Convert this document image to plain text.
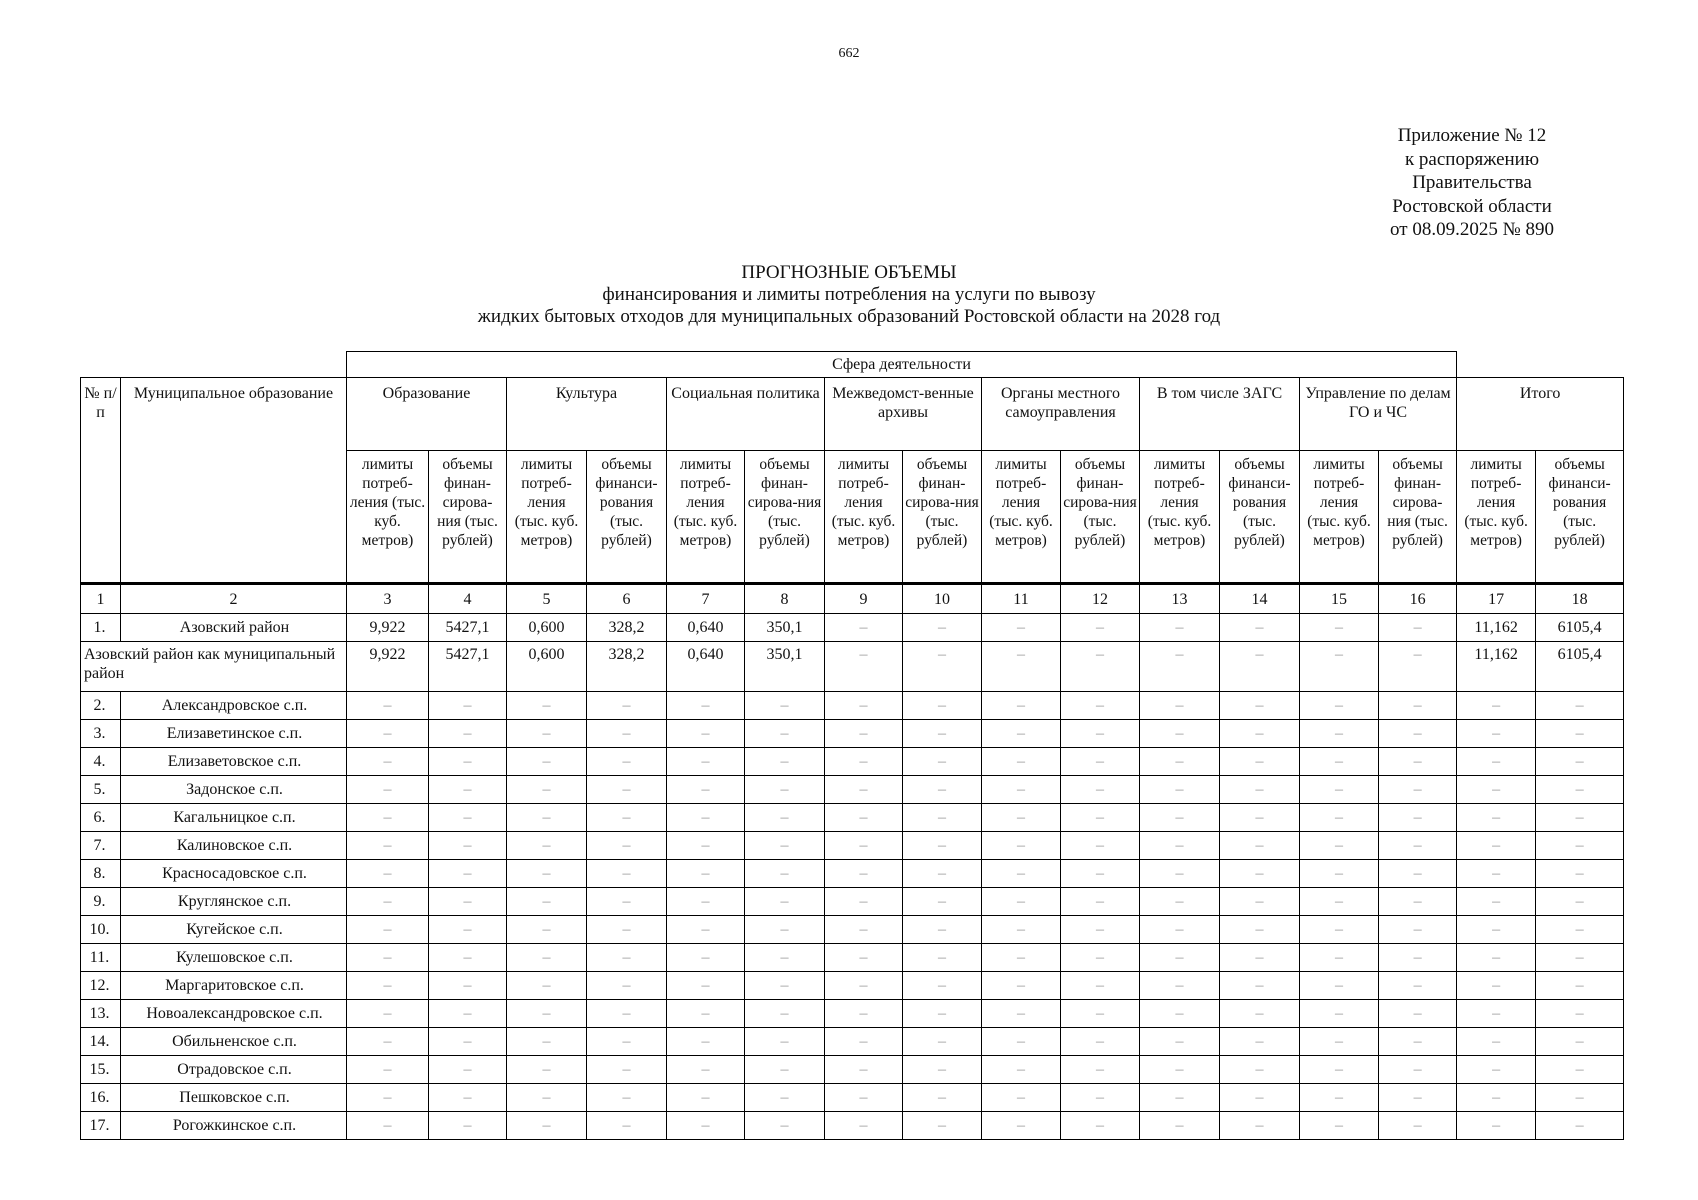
662
Приложение № 12
к распоряжению
Правительства
Ростовской области
от 08.09.2025 № 890
ПРОГНОЗНЫЕ ОБЪЕМЫ
финансирования и лимиты потребления на услуги по вывозу
жидких бытовых отходов для муниципальных образований Ростовской области на 2028 год
		Сфера деятельности															
№ п/п	Муниципальное образование	Образование		Культура		Социальная политика		Межведомст-венные архивы		Органы местного самоуправления		В том числе ЗАГС		Управление по делам ГО и ЧС		Итого	
		лимиты потреб-ления (тыс. куб. метров)	объемы финан-сирова-ния (тыс. рублей)	лимиты потреб-ления (тыс. куб. метров)	объемы финанси-рования (тыс. рублей)	лимиты потреб-ления (тыс. куб. метров)	объемы финан-сирова-ния (тыс. рублей)	лимиты потреб-ления (тыс. куб. метров)	объемы финан-сирова-ния (тыс. рублей)	лимиты потреб-ления (тыс. куб. метров)	объемы финан-сирова-ния (тыс. рублей)	лимиты потреб-ления (тыс. куб. метров)	объемы финанси-рования (тыс. рублей)	лимиты потреб-ления (тыс. куб. метров)	объемы финан-сирова-ния (тыс. рублей)	лимиты потреб-ления (тыс. куб. метров)	объемы финанси-рования (тыс. рублей)
1	2	3	4	5	6	7	8	9	10	11	12	13	14	15	16	17	18
1.	Азовский район	9,922	5427,1	0,600	328,2	0,640	350,1	–	–	–	–	–	–	–	–	11,162	6105,4
Азовский район как муниципальный район		9,922	5427,1	0,600	328,2	0,640	350,1	–	–	–	–	–	–	–	–	11,162	6105,4
2.	Александровское с.п.	–	–	–	–	–	–	–	–	–	–	–	–	–	–	–	–
3.	Елизаветинское с.п.	–	–	–	–	–	–	–	–	–	–	–	–	–	–	–	–
4.	Елизаветовское с.п.	–	–	–	–	–	–	–	–	–	–	–	–	–	–	–	–
5.	Задонское с.п.	–	–	–	–	–	–	–	–	–	–	–	–	–	–	–	–
6.	Кагальницкое с.п.	–	–	–	–	–	–	–	–	–	–	–	–	–	–	–	–
7.	Калиновское с.п.	–	–	–	–	–	–	–	–	–	–	–	–	–	–	–	–
8.	Красносадовское с.п.	–	–	–	–	–	–	–	–	–	–	–	–	–	–	–	–
9.	Круглянское с.п.	–	–	–	–	–	–	–	–	–	–	–	–	–	–	–	–
10.	Кугейское с.п.	–	–	–	–	–	–	–	–	–	–	–	–	–	–	–	–
11.	Кулешовское с.п.	–	–	–	–	–	–	–	–	–	–	–	–	–	–	–	–
12.	Маргаритовское с.п.	–	–	–	–	–	–	–	–	–	–	–	–	–	–	–	–
13.	Новоалександровское с.п.	–	–	–	–	–	–	–	–	–	–	–	–	–	–	–	–
14.	Обильненское с.п.	–	–	–	–	–	–	–	–	–	–	–	–	–	–	–	–
15.	Отрадовское с.п.	–	–	–	–	–	–	–	–	–	–	–	–	–	–	–	–
16.	Пешковское с.п.	–	–	–	–	–	–	–	–	–	–	–	–	–	–	–	–
17.	Рогожкинское с.п.	–	–	–	–	–	–	–	–	–	–	–	–	–	–	–	–
